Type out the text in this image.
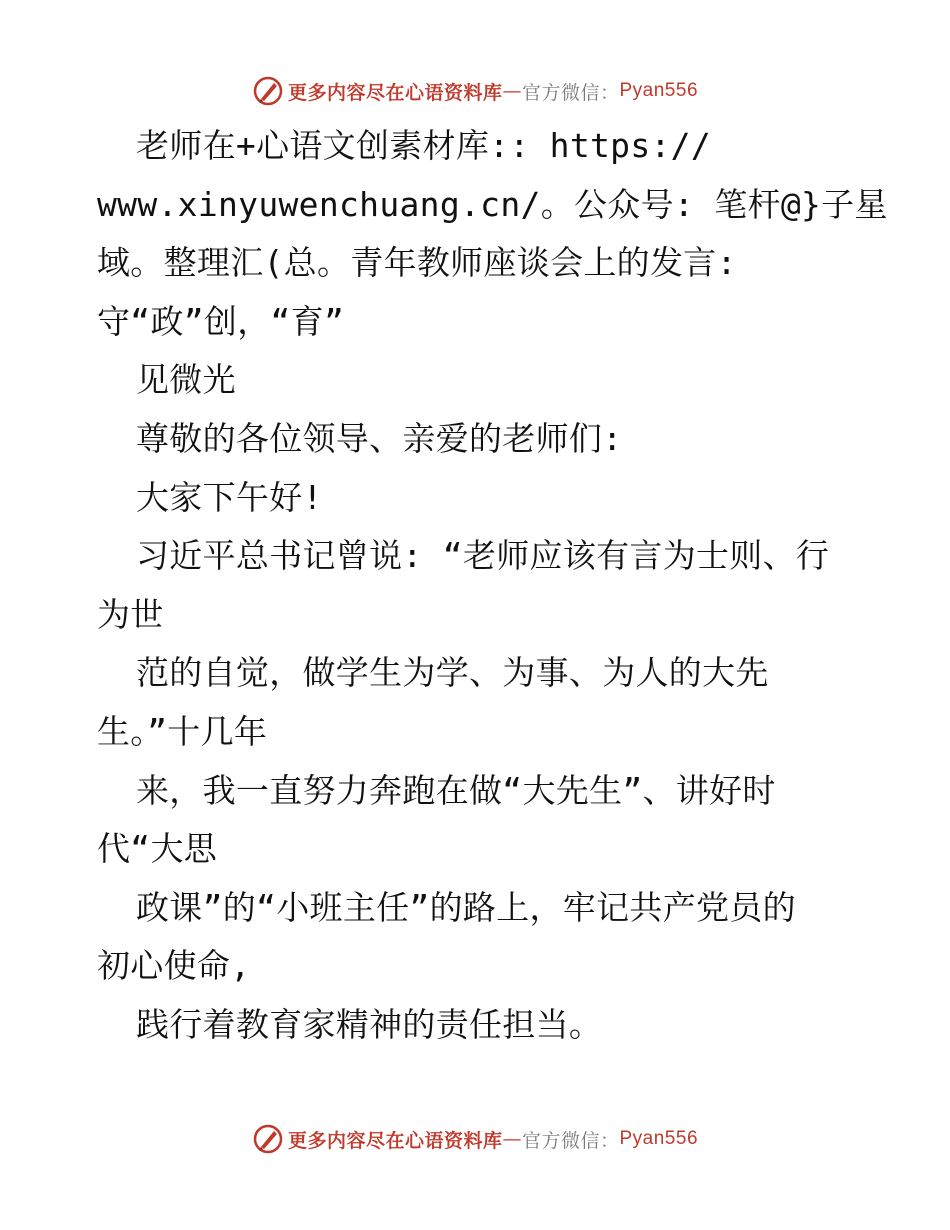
更多内容尽在心语资料库 — 官方微信： Pyan556
老师在+心语文创素材库:: https://
www.xinyuwenchuang.cn/。公众号: 笔杆@}子星
域。整理汇(总。青年教师座谈会上的发言:
守“政”创，“育”
见微光
尊敬的各位领导、亲爱的老师们:
大家下午好!
习近平总书记曾说: “老师应该有言为士则、行
为世
范的自觉，做学生为学、为事、为人的大先
生。”十几年
来，我一直努力奔跑在做“大先生”、讲好时
代“大思
政课”的“小班主任”的路上，牢记共产党员的
初心使命,
践行着教育家精神的责任担当。
更多内容尽在心语资料库 — 官方微信： Pyan556
